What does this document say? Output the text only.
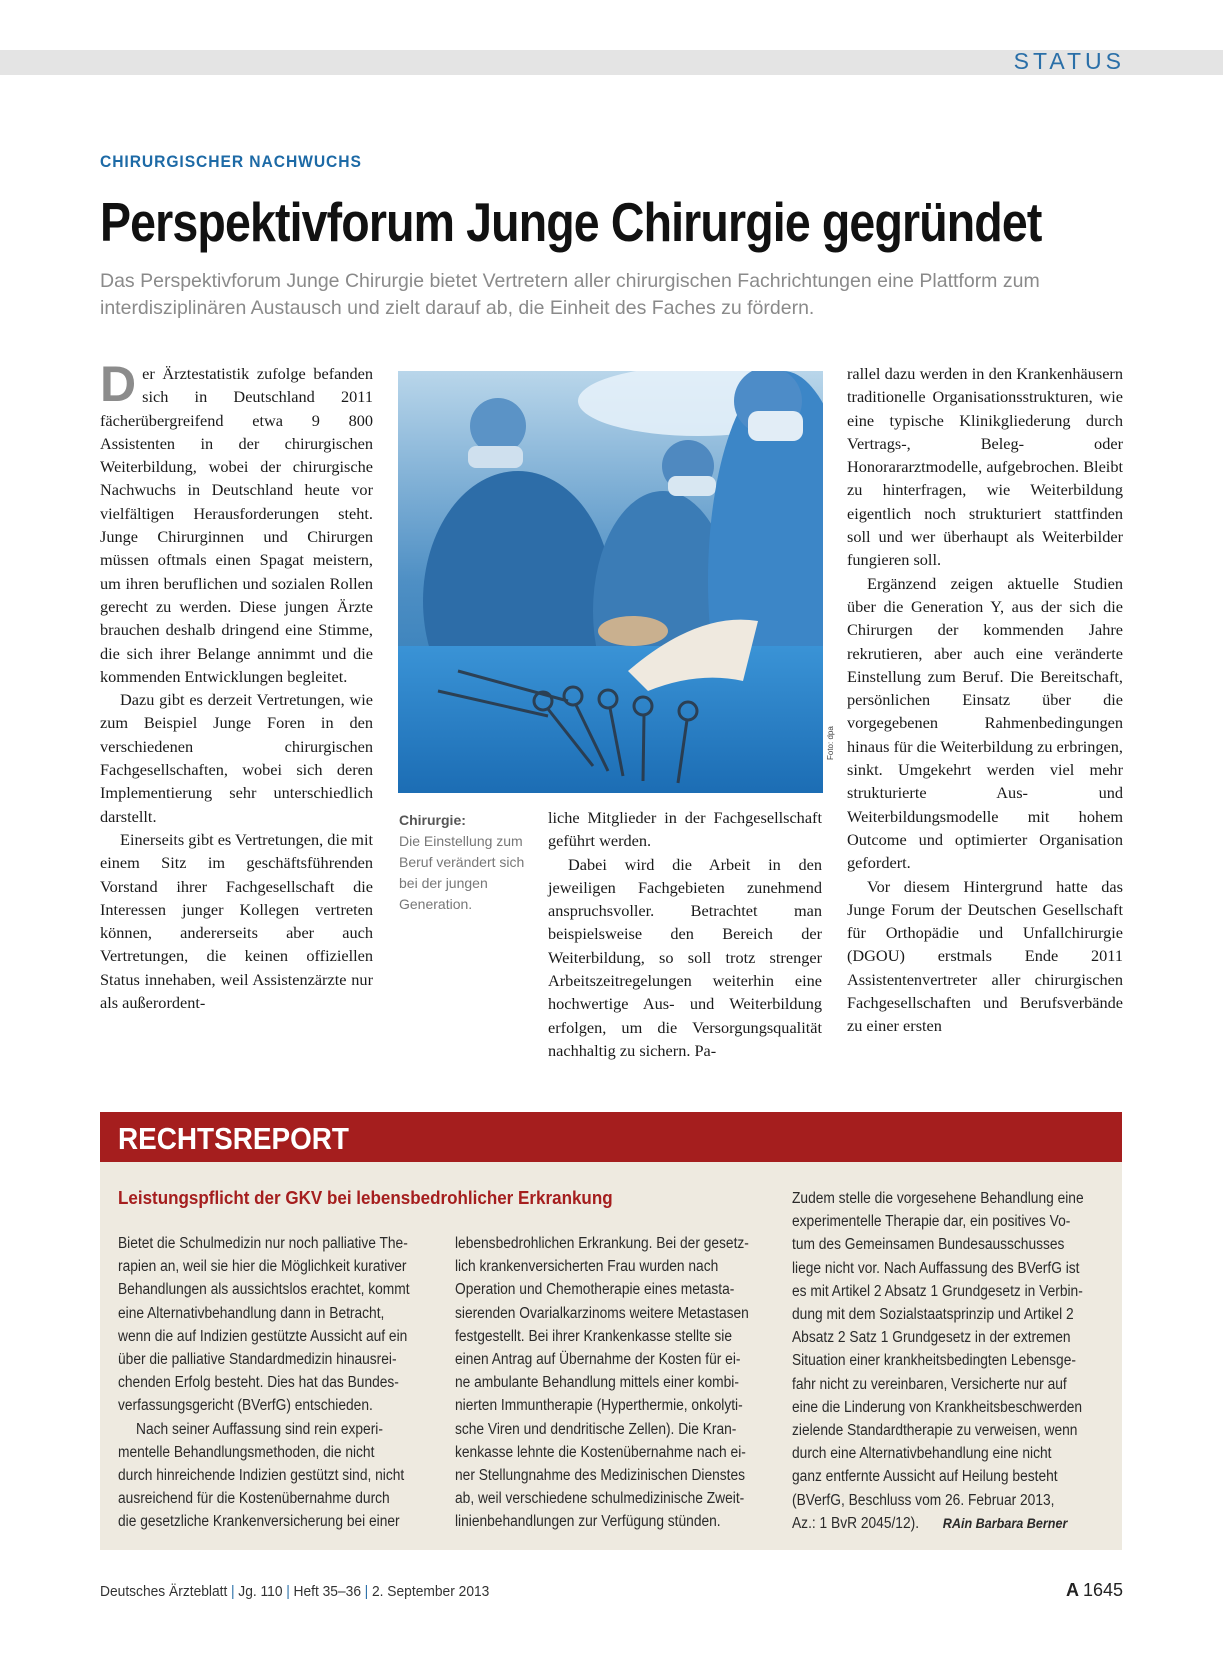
STATUS
CHIRURGISCHER NACHWUCHS
Perspektivforum Junge Chirurgie gegründet
Das Perspektivforum Junge Chirurgie bietet Vertretern aller chirurgischen Fachrichtungen eine Plattform zum interdisziplinären Austausch und zielt darauf ab, die Einheit des Faches zu fördern.

Der Ärztestatistik zufolge befanden sich in Deutschland 2011 fächerübergreifend etwa 9 800 Assistenten in der chirurgischen Weiterbildung, wobei der chirurgische Nachwuchs in Deutschland heute vor vielfältigen Herausforderungen steht. Junge Chirurginnen und Chirurgen müssen oftmals einen Spagat meistern, um ihren beruflichen und sozialen Rollen gerecht zu werden. Diese jungen Ärzte brauchen deshalb dringend eine Stimme, die sich ihrer Belange annimmt und die kommenden Entwicklungen begleitet.

Dazu gibt es derzeit Vertretungen, wie zum Beispiel Junge Foren in den verschiedenen chirurgischen Fachgesellschaften, wobei sich deren Implementierung sehr unterschiedlich darstellt.

Einerseits gibt es Vertretungen, die mit einem Sitz im geschäftsführenden Vorstand ihrer Fachgesellschaft die Interessen junger Kollegen vertreten können, andererseits aber auch Vertretungen, die keinen offiziellen Status innehaben, weil Assistenzärzte nur als außerordent-

Foto: dpa
Chirurgie:
Die Einstellung zum Beruf verändert sich bei der jungen Generation.

liche Mitglieder in der Fachgesellschaft geführt werden.

Dabei wird die Arbeit in den jeweiligen Fachgebieten zunehmend anspruchsvoller. Betrachtet man beispielsweise den Bereich der Weiterbildung, so soll trotz strenger Arbeitszeitregelungen weiterhin eine hochwertige Aus- und Weiterbildung erfolgen, um die Versorgungsqualität nachhaltig zu sichern. Pa-

rallel dazu werden in den Krankenhäusern traditionelle Organisationsstrukturen, wie eine typische Klinikgliederung durch Vertrags-, Beleg- oder Honorararztmodelle, aufgebrochen. Bleibt zu hinterfragen, wie Weiterbildung eigentlich noch strukturiert stattfinden soll und wer überhaupt als Weiterbilder fungieren soll.

Ergänzend zeigen aktuelle Studien über die Generation Y, aus der sich die Chirurgen der kommenden Jahre rekrutieren, aber auch eine veränderte Einstellung zum Beruf. Die Bereitschaft, persönlichen Einsatz über die vorgegebenen Rahmenbedingungen hinaus für die Weiterbildung zu erbringen, sinkt. Umgekehrt werden viel mehr strukturierte Aus- und Weiterbildungsmodelle mit hohem Outcome und optimierter Organisation gefordert.

Vor diesem Hintergrund hatte das Junge Forum der Deutschen Gesellschaft für Orthopädie und Unfallchirurgie (DGOU) erstmals Ende 2011 Assistentenvertreter aller chirurgischen Fachgesellschaften und Berufsverbände zu einer ersten

RECHTSREPORT
Leistungspflicht der GKV bei lebensbedrohlicher Erkrankung
Bietet die Schulmedizin nur noch palliative The-
rapien an, weil sie hier die Möglichkeit kurativer
Behandlungen als aussichtslos erachtet, kommt
eine Alternativbehandlung dann in Betracht,
wenn die auf Indizien gestützte Aussicht auf ein
über die palliative Standardmedizin hinausrei-
chenden Erfolg besteht. Dies hat das Bundes-
verfassungsgericht (BVerfG) entschieden.
Nach seiner Auffassung sind rein experi-
mentelle Behandlungsmethoden, die nicht
durch hinreichende Indizien gestützt sind, nicht
ausreichend für die Kostenübernahme durch
die gesetzliche Krankenversicherung bei einer
lebensbedrohlichen Erkrankung. Bei der gesetz-
lich krankenversicherten Frau wurden nach
Operation und Chemotherapie eines metasta-
sierenden Ovarialkarzinoms weitere Metastasen
festgestellt. Bei ihrer Krankenkasse stellte sie
einen Antrag auf Übernahme der Kosten für ei-
ne ambulante Behandlung mittels einer kombi-
nierten Immuntherapie (Hyperthermie, onkolyti-
sche Viren und dendritische Zellen). Die Kran-
kenkasse lehnte die Kostenübernahme nach ei-
ner Stellungnahme des Medizinischen Dienstes
ab, weil verschiedene schulmedizinische Zweit-
linienbehandlungen zur Verfügung stünden.
Zudem stelle die vorgesehene Behandlung eine
experimentelle Therapie dar, ein positives Vo-
tum des Gemeinsamen Bundesausschusses
liege nicht vor. Nach Auffassung des BVerfG ist
es mit Artikel 2 Absatz 1 Grundgesetz in Verbin-
dung mit dem Sozialstaatsprinzip und Artikel 2
Absatz 2 Satz 1 Grundgesetz in der extremen
Situation einer krankheitsbedingten Lebensge-
fahr nicht zu vereinbaren, Versicherte nur auf
eine die Linderung von Krankheitsbeschwerden
zielende Standardtherapie zu verweisen, wenn
durch eine Alternativbehandlung eine nicht
ganz entfernte Aussicht auf Heilung besteht
(BVerfG, Beschluss vom 26. Februar 2013,
Az.: 1 BvR 2045/12). RAin Barbara Berner
Deutsches Ärzteblatt | Jg. 110 | Heft 35–36 | 2. September 2013	A 1645
